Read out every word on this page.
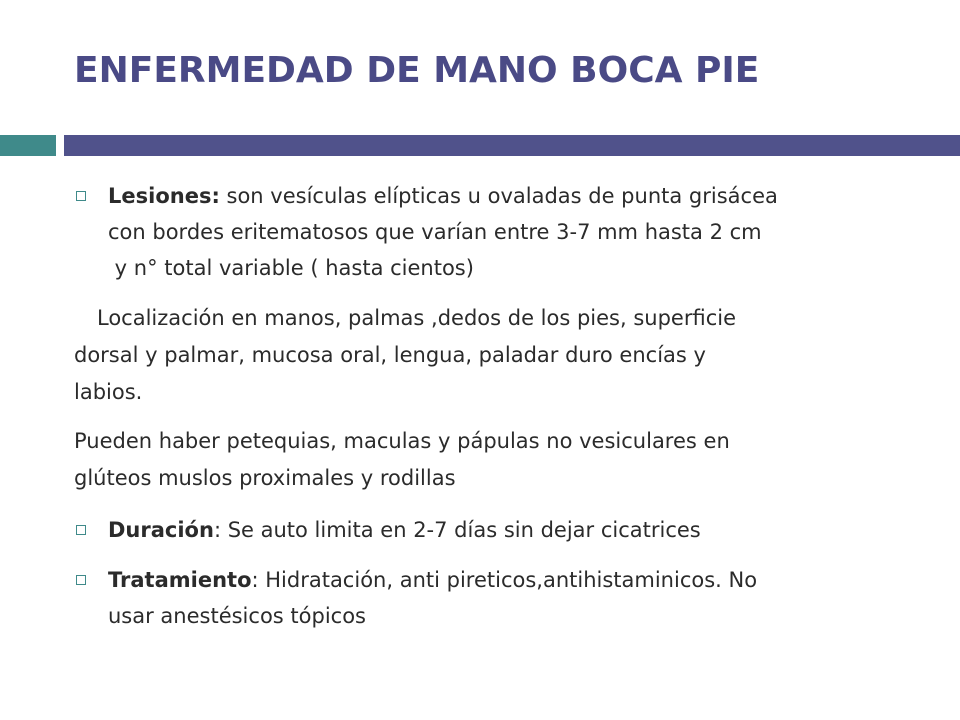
ENFERMEDAD DE MANO BOCA PIE
Lesiones: son vesículas elípticas u ovaladas de punta grisácea
con bordes eritematosos que varían entre 3-7 mm hasta 2 cm
y n° total variable ( hasta cientos)
Localización en manos, palmas ,dedos de los pies, superficie
dorsal y palmar, mucosa oral, lengua, paladar duro encías y
labios.
Pueden haber petequias, maculas y pápulas no vesiculares en
glúteos muslos proximales y rodillas
Duración: Se auto limita en 2-7 días sin dejar cicatrices
Tratamiento: Hidratación, anti pireticos,antihistaminicos. No
usar anestésicos tópicos
